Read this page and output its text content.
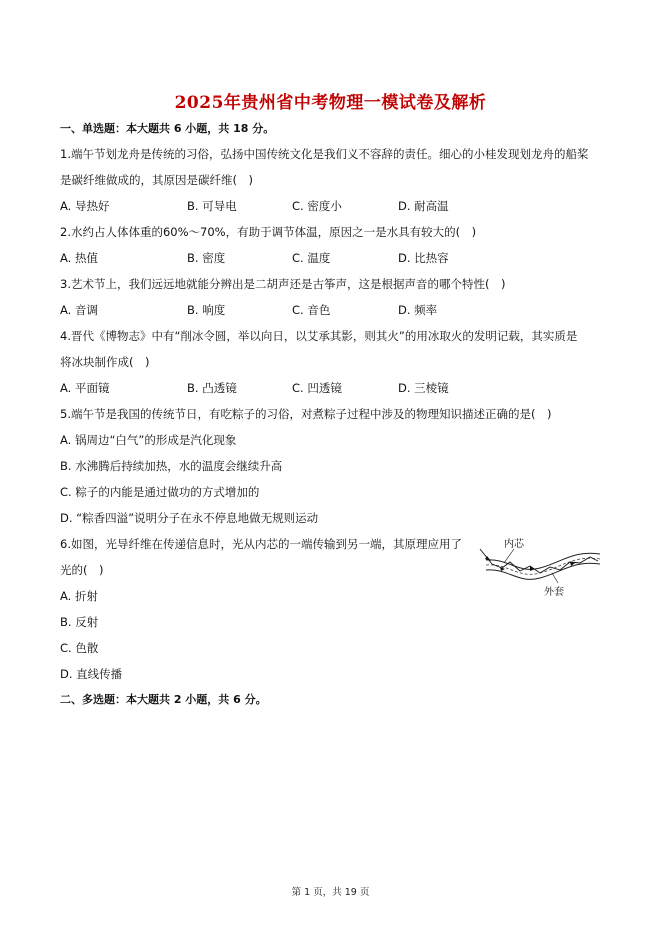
2025年贵州省中考物理一模试卷及解析
一、单选题：本大题共 6 小题，共 18 分。
1.端午节划龙舟是传统的习俗，弘扬中国传统文化是我们义不容辞的责任。细心的小桂发现划龙舟的船桨
是碳纤维做成的，其原因是碳纤维(　)
A. 导热好	B. 可导电	C. 密度小	D. 耐高温
2.水约占人体体重的60%～70%，有助于调节体温，原因之一是水具有较大的(　)
A. 热值	B. 密度	C. 温度	D. 比热容
3.艺术节上，我们远远地就能分辨出是二胡声还是古筝声，这是根据声音的哪个特性(　)
A. 音调	B. 响度	C. 音色	D. 频率
4.晋代《博物志》中有“削冰令圆，举以向日，以艾承其影，则其火”的用冰取火的发明记载，其实质是
将冰块制作成(　)
A. 平面镜	B. 凸透镜	C. 凹透镜	D. 三棱镜
5.端午节是我国的传统节日，有吃粽子的习俗，对煮粽子过程中涉及的物理知识描述正确的是(　)
A. 锅周边“白气”的形成是汽化现象
B. 水沸腾后持续加热，水的温度会继续升高
C. 粽子的内能是通过做功的方式增加的
D. “粽香四溢”说明分子在永不停息地做无规则运动
6.如图，光导纤维在传递信息时，光从内芯的一端传输到另一端，其原理应用了
光的(　)
A. 折射
B. 反射
C. 色散
D. 直线传播
内芯
外套
二、多选题：本大题共 2 小题，共 6 分。
第 1 页，共 19 页
